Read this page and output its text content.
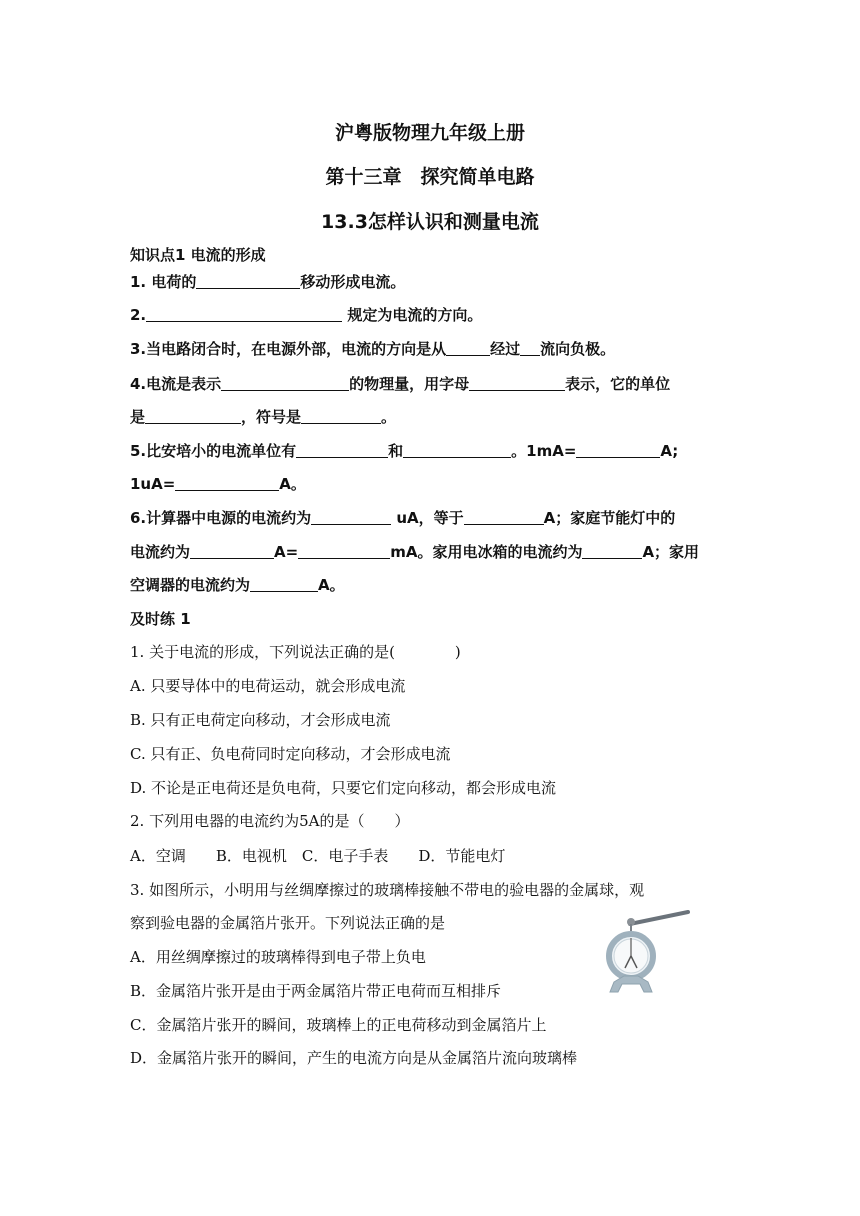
沪粤版物理九年级上册
第十三章　探究简单电路
13.3怎样认识和测量电流
知识点1 电流的形成
1. 电荷的	移动形成电流。
2.	规定为电流的方向。
3.当电路闭合时，在电源外部，电流的方向是从	经过 流向负极。
4.电流是表示	的物理量，用字母	表示，它的单位
是	，符号是	。
5.比安培小的电流单位有	和	。1mA=	A;
1uA=	A。
6.计算器中电源的电流约为	uA，等于	A；家庭节能灯中的
电流约为	A=	mA。家用电冰箱的电流约为	A；家用
空调器的电流约为	A。
及时练 1
1. 关于电流的形成，下列说法正确的是(　　　　)
A. 只要导体中的电荷运动，就会形成电流
B. 只有正电荷定向移动，才会形成电流
C. 只有正、负电荷同时定向移动，才会形成电流
D. 不论是正电荷还是负电荷，只要它们定向移动，都会形成电流
2. 下列用电器的电流约为5A的是（　　）
A．空调　　B．电视机　C．电子手表　　D．节能电灯
3. 如图所示，小明用与丝绸摩擦过的玻璃棒接触不带电的验电器的金属球，观
察到验电器的金属箔片张开。下列说法正确的是
A．用丝绸摩擦过的玻璃棒得到电子带上负电
B．金属箔片张开是由于两金属箔片带正电荷而互相排斥
C．金属箔片张开的瞬间，玻璃棒上的正电荷移动到金属箔片上
D．金属箔片张开的瞬间，产生的电流方向是从金属箔片流向玻璃棒
